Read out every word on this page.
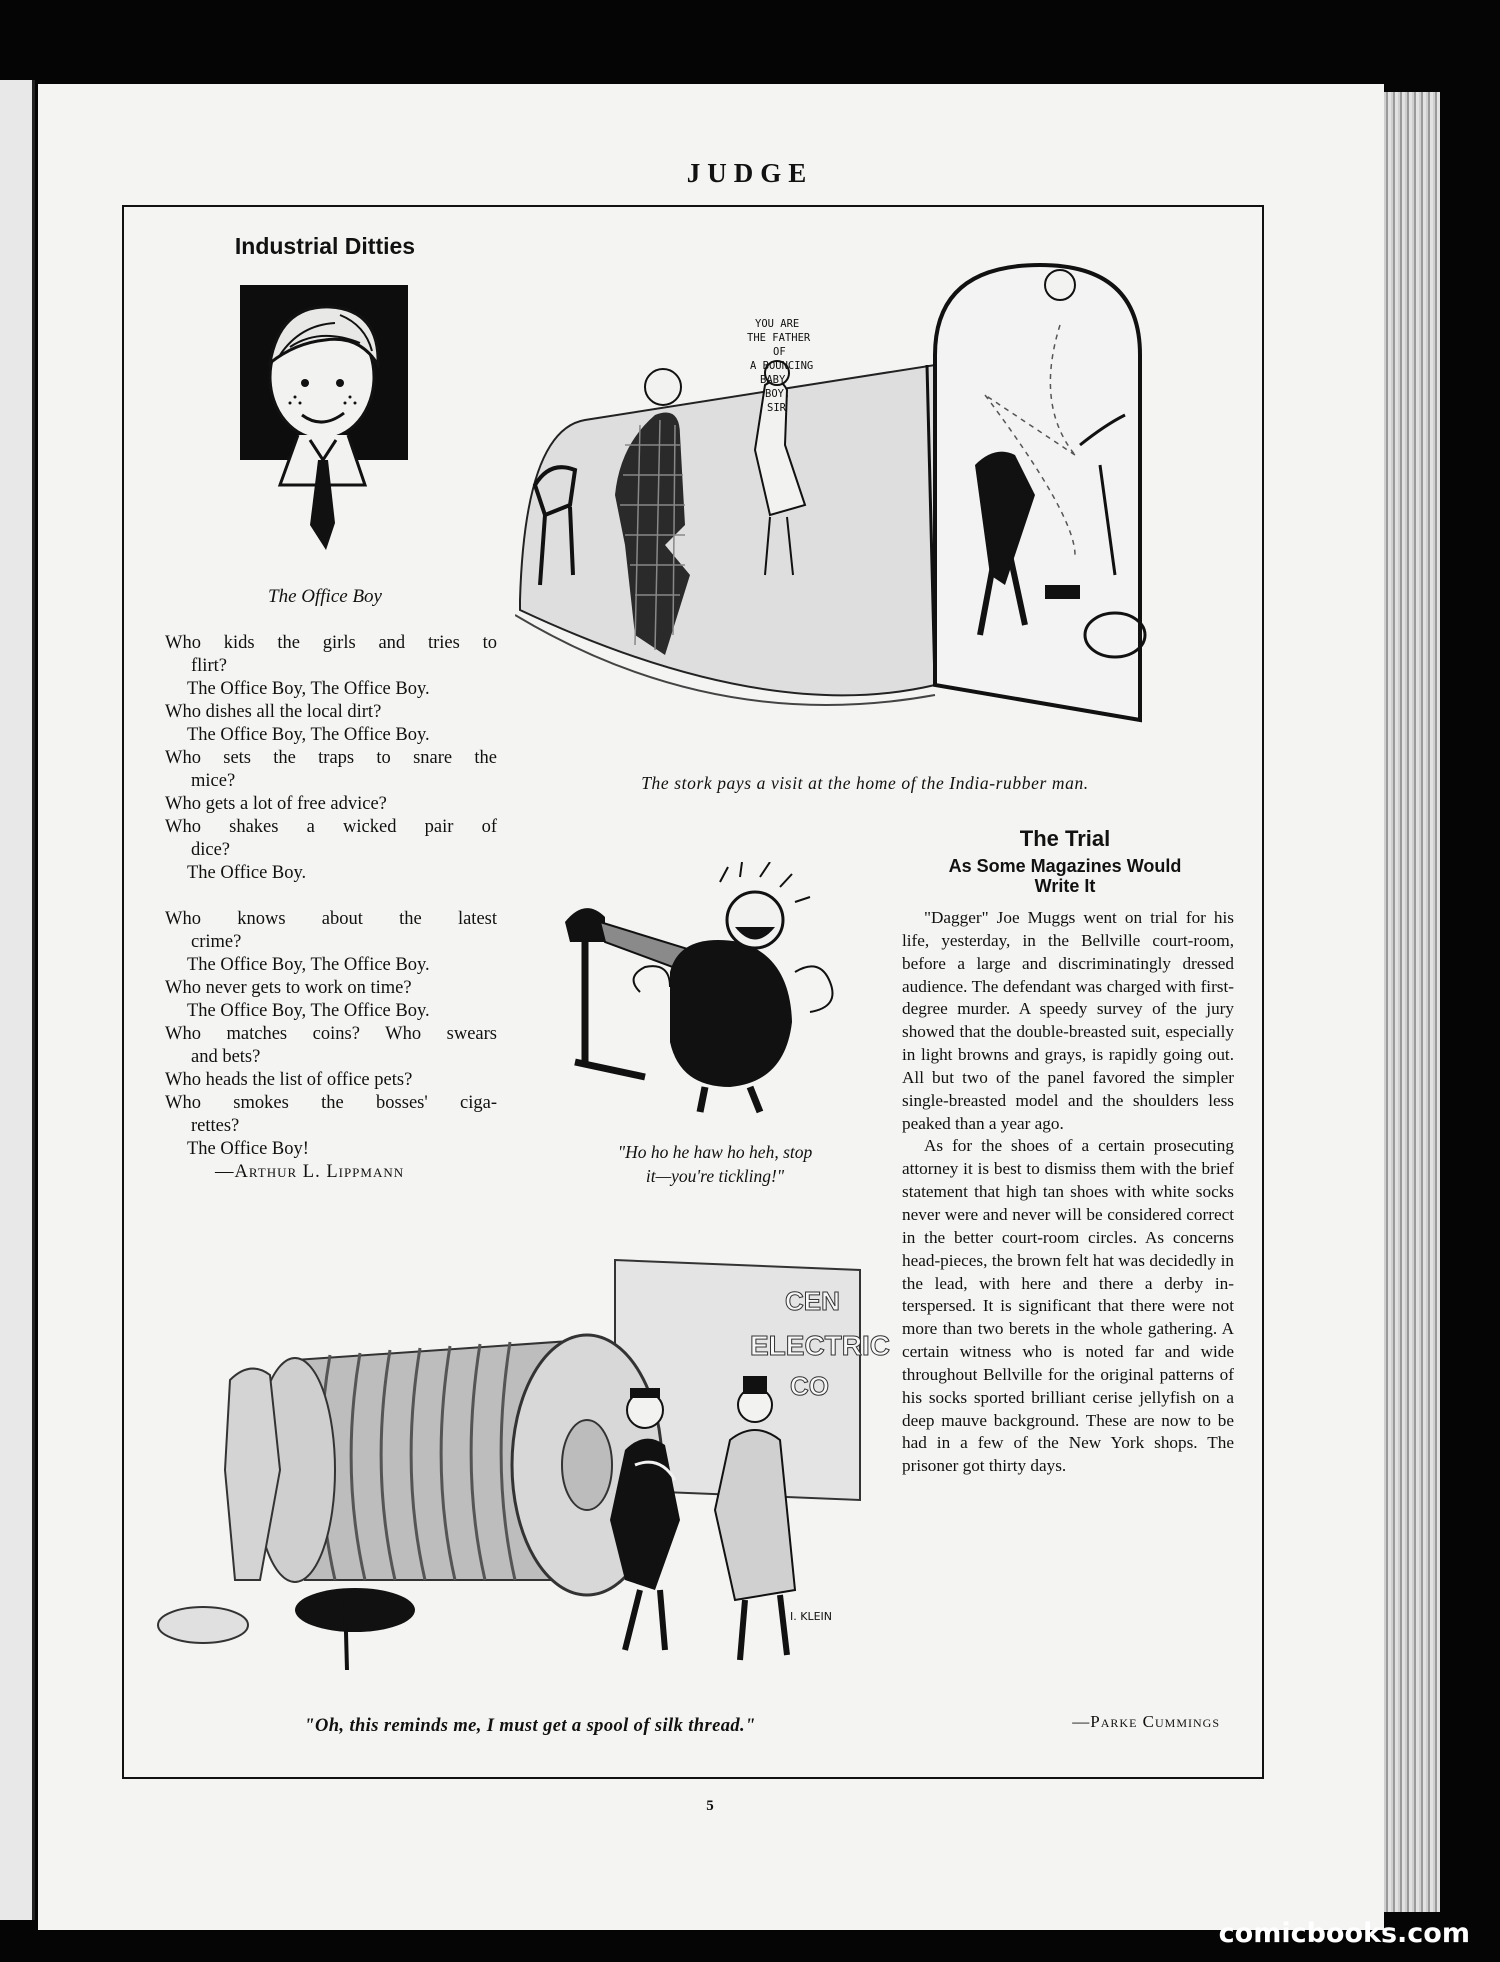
JUDGE
Industrial Ditties
The Office Boy
Who kids the girls and tries to
flirt?
The Office Boy, The Office Boy.
Who dishes all the local dirt?
The Office Boy, The Office Boy.
Who sets the traps to snare the
mice?
Who gets a lot of free advice?
Who shakes a wicked pair of
dice?
The Office Boy.
Who knows about the latest
crime?
The Office Boy, The Office Boy.
Who never gets to work on time?
The Office Boy, The Office Boy.
Who matches coins? Who swears
and bets?
Who heads the list of office pets?
Who smokes the bosses' ciga-
rettes?
The Office Boy!
—Arthur L. Lippmann
YOU ARE THE FATHER OF A BOUNCING BABY BOY, SIR
The stork pays a visit at the home of the India-rubber man.
"Ho ho he haw ho heh, stop
it—you're tickling!"
The Trial
As Some Magazines Would
Write It

"Dagger" Joe Muggs went on trial for his life, yesterday, in the Bellville court-room, before a large and discriminatingly dressed audience. The defendant was charged with first-degree murder. A speedy survey of the jury showed that the double-breasted suit, especially in light browns and grays, is rapidly going out. All but two of the panel favored the simpler single-breasted model and the shoulders less peaked than a year ago.

As for the shoes of a certain prosecuting attorney it is best to dismiss them with the brief statement that high tan shoes with white socks never were and never will be considered correct in the better court-room circles. As concerns head-pieces, the brown felt hat was decidedly in the lead, with here and there a derby interspersed. It is significant that there were not more than two berets in the whole gathering. A certain witness who is noted far and wide throughout Bellville for the original patterns of his socks sported brilliant cerise jellyfish on a deep mauve background. These are now to be had in a few of the New York shops. The prisoner got thirty days.

—Parke Cummings
CEN
ELECTRIC
CO
I. KLEIN
"Oh, this reminds me, I must get a spool of silk thread."
5
comicbooks.com
